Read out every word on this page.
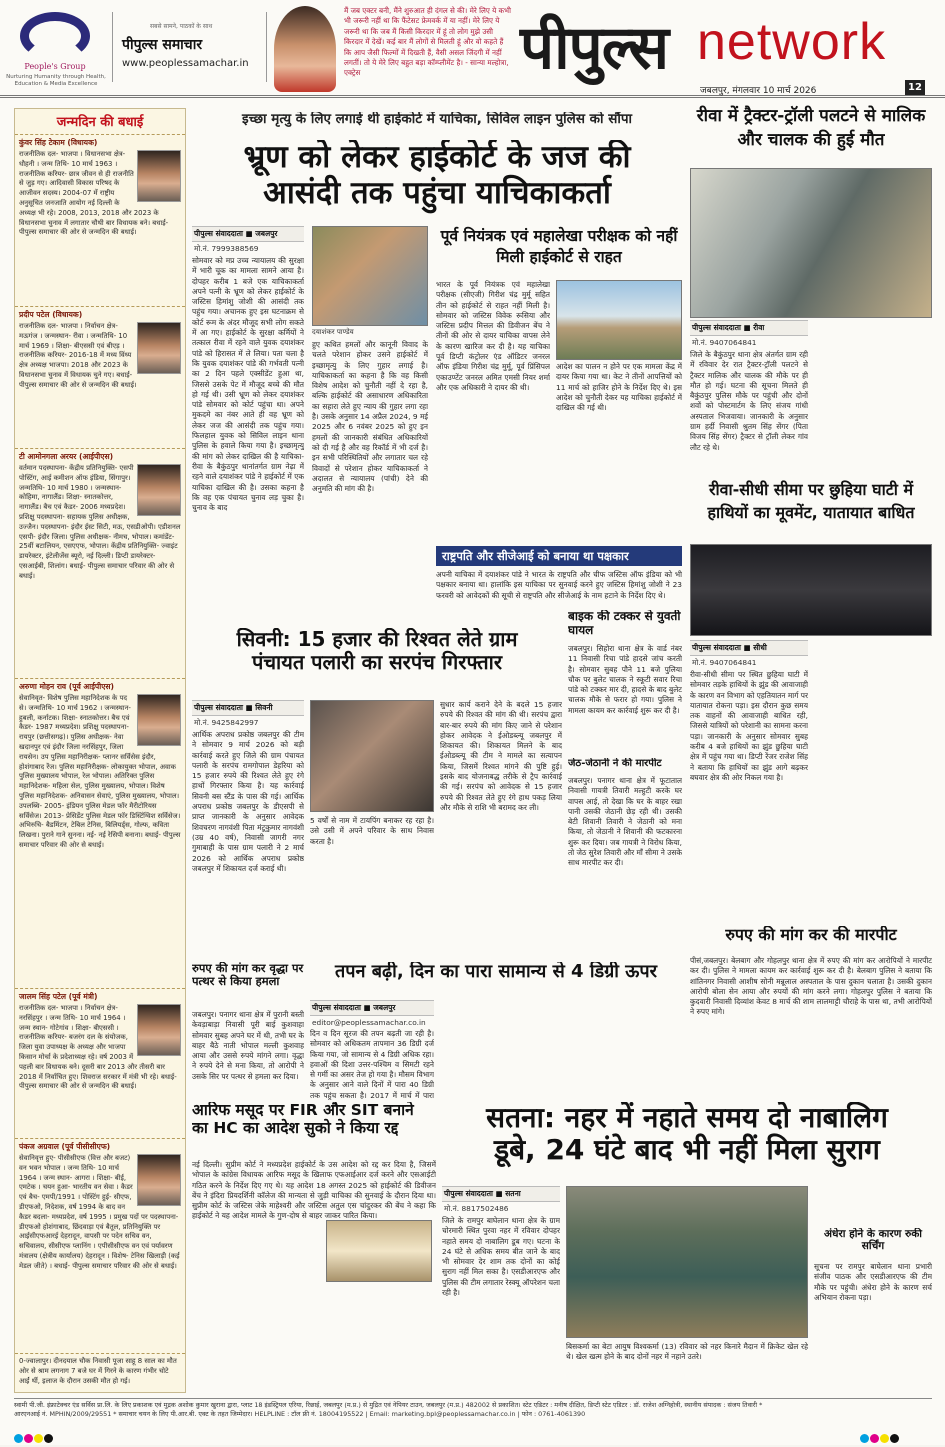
People's Group
Nurturing Humanity through Health, Education & Media Excellence
सबसे सामने, पाठकों के साथ
पीपुल्स समाचार
www.peoplessamachar.in
मैं जब एक्टर बनी, मैंने शुरुआत ही दंगल से की। मेरे लिए ये कभी भी जरूरी नहीं था कि फैंटेसट फ्रेमवर्क में या नहीं। मेरे लिए ये जरूरी था कि जब मैं किसी किरदार में हूं तो लोग मुझे उसी किरदार में देखें। कई बार मैं लोगों से मिलती हूं और वो कहते हैं कि आप जैसी फिल्मों में दिखती हैं, वैसी असल जिंदगी में नहीं लगतीं। तो ये मेरे लिए बहुत बड़ा कॉम्प्लीमेंट है। - सान्या मल्होत्रा, एक्ट्रेस	पीपुल्स network
जबलपुर, मंगलवार 10 मार्च 2026	12
जन्मदिन की बधाई
कुंवर सिंह टेकाम (विधायक)
राजनीतिक दल- भाजपा । विधानसभा क्षेत्र- धौहनी । जन्म तिथि- 10 मार्च 1963 । राजनीतिक करियर- छात्र जीवन से ही राजनीति से जुड़ गए। आदिवासी विकास परिषद के आजीवन सदस्य। 2004-07 में राष्ट्रीय अनुसूचित जनजाति आयोग नई दिल्ली के अध्यक्ष भी रहे। 2008, 2013, 2018 और 2023 के विधानसभा चुनाव में लगातार चौथी बार विधायक बने। बधाई- पीपुल्स समाचार की ओर से जन्मदिन की बधाई।
प्रदीप पटेल (विधायक)
राजनीतिक दल- भाजपा । निर्वाचन क्षेत्र- मऊगंज । जन्मस्थान- रीवा । जन्मतिथि- 10 मार्च 1969 । शिक्षा- बीएससी एवं बीएड़ । राजनीतिक करियर- 2016-18 में मध्य विंध्य क्षेत्र अध्यक्ष भाजपा। 2018 और 2023 के विधानसभा चुनाव में विधायक चुने गए। बधाई- पीपुल्स समाचार की ओर से जन्मदिन की बधाई।
टी आमोनगला अरयर (आईपीएस)
वर्तमान पदस्थापना- केंद्रीय प्रतिनियुक्ति- एसपी पोस्टिंग, आई कमीशन ऑफ इंडिया, सिंगापुर। जन्मतिथि- 10 मार्च 1980 । जन्मस्थान- कोहिमा, नागालैंड। शिक्षा- स्नातकोत्तर, नागालैंड। बैच एवं कैडर- 2006 मध्यप्रदेश। प्रशिक्षु पदस्थापना- सहायक पुलिस अधीक्षक, उज्जैन। पदस्थापना- इंदौर ईस्ट सिटी, मऊ, एसडीओपी। एडीशनल एसपी- इंदौर जिला। पुलिस अधीक्षक- नीमच, भोपाल। कमांडेंट- 25वीं बटालियन, एसएएफ, भोपाल। केंद्रीय प्रतिनियुक्ति- ज्वाइंट डायरेक्टर, इंटेलीजेंस ब्यूरो, नई दिल्ली। डिप्टी डायरेक्टर- एसआईबी, शिलांग। बधाई- पीपुल्स समाचार परिवार की ओर से बधाई।
अरुणा मोहन राव (पूर्व आईपीएस)
सेवानिवृत- विशेष पुलिस महानिदेशक के पद से। जन्मतिथि- 10 मार्च 1962 । जन्मस्थान- हुबली, कर्नाटक। शिक्षा- स्नातकोत्तर। बैच एवं कैडर- 1987 मध्यप्रदेश। प्रशिक्षु पदस्थापना- रायपुर (छत्तीसगढ़)। पुलिस अधीक्षक- नेवा खदानपुर एवं इंदौर जिला नरसिंहपुर, जिला रायसेन। उप पुलिस महानिरीक्षक- प्लानर सर्विसेस इंदौर, होशंगाबाद रेंज। पुलिस महानिरीक्षक- लोकायुक्त भोपाल, अवाक पुलिस मुख्यालय भोपाल, रेल भोपाल। अतिरिक्त पुलिस महानिदेशक- महिला सेल, पुलिस मुख्यालय, भोपाल। विशेष पुलिस महानिदेशक- अनिवासन सेवाएं, पुलिस मुख्यालय, भोपाल। उपलब्धि- 2005- इंडियन पुलिस मेडल फॉर मैरीटोरियस सर्विसेज। 2013- प्रेसिडेंट पुलिस मेडल फॉर डिस्टिंग्विश सर्विसेज। अभिरुचि- बैडमिंटन, टेबिल टेनिस, बिलियर्ड्स, गोल्फ, कविता लिखना। पुराने गाने सुनना। नई- नई रेसिपी बनाना। बधाई- पीपुल्स समाचार परिवार की ओर से बधाई।
जालम सिंह पटेल (पूर्व मंत्री)
राजनीतिक दल- भाजपा । निर्वाचन क्षेत्र- नरसिंहपुर । जन्म तिथि- 10 मार्च 1964 । जन्म स्थान- गोटेगांव । शिक्षा- बीएससी । राजनीतिक करियर- बजरंग दल के संयोजक, जिला युवा उपाध्यक्ष के अध्यक्ष और भाजपा किसान मोर्चा के प्रदेशाध्यक्ष रहे। वर्ष 2003 में पहली बार विधायक बने। दूसरी बार 2013 और तीसरी बार 2018 में निर्वाचित हुए। शिवराज सरकार में मंत्री भी रहे। बधाई- पीपुल्स समाचार की ओर से जन्मदिन की बधाई।
पंकज अग्रवाल (पूर्व पीसीसीएफ)
सेवानिवृत्त हुए- पीसीसीएफ (वित्त और बजट) वन भवन भोपाल । जन्म तिथि- 10 मार्च 1964 । जन्म स्थान- आगरा । शिक्षा- बीई, एमटेक । चयन हुआ- भारतीय वन सेवा । कैडर एवं बैच- एमपी/1991 । पोस्टिंग हुई- सीएफ, डीएफओ, निदेशक, वर्ष 1994 के बाद वन कैडर बदला- मध्यप्रदेश, वर्ष 1995 । प्रमुख पदों पर पदस्थापना- डीएफओ होशंगाबाद, छिंदवाड़ा एवं बैतूल, प्रतिनियुक्ति पर आईसीएफआरई देहरादून, वापसी पर पदेन सचिव वन, सचिवालय, सीसीएफ प्लानिंग । एपीसीसीएफ वन एवं पर्यावरण मंत्रालय (क्षेत्रीय कार्यालय) देहरादून । विशेष- टेनिस खिलाड़ी (कई मेडल जीते) । बधाई- पीपुल्स समाचार परिवार की ओर से बधाई।
0-ज्वालापुर। दीनदयाल चौक निवासी पूजा साहू 8 साल का मौत ओर से श्राम लगनाग 7 बजे घर में गिरने के कारण गंभीर चोटे आईं थीं, इलाज के दौरान उसकी मौत हो गई।
इच्छा मृत्यु के लिए लगाई थी हाईकोर्ट में याचिका, सिविल लाइन पुलिस को सौंपा
भ्रूण को लेकर हाईकोर्ट के जज की
आसंदी तक पहुंचा याचिकाकर्ता
पीपुल्स संवाददाता ■ जबलपुर
मो.नं. 7999388569
सोमवार को मप्र उच्च न्यायालय की सुरक्षा में भारी चूक का मामला सामने आया है। दोपहर करीब 1 बजे एक याचिकाकर्ता अपने पत्नी के भ्रूण को लेकर हाईकोर्ट के जस्टिस हिमांशु जोशी की आसंदी तक पहुंच गया। अचानक हुए इस घटनाक्रम से कोर्ट रूम के अंदर मौजूद सभी लोग सकते में आ गए। हाईकोर्ट के सुरक्षा कर्मियों ने तत्काल रीवा में रहने वाले युवक दयाशंकर पांडे को हिरासत में ले लिया। पता चला है कि युवक दयाशंकर पांडे की गर्भवती पत्नी का 2 दिन पहले एक्सीडेंट हुआ था, जिससे उसके पेट में मौजूद बच्चे की मौत हो गई थी। उसी भ्रूण को लेकर दयाशंकर पांडे सोमवार को कोर्ट पहुंचा था। अपने मुकदमे का नंबर आते ही वह भ्रूण को लेकर जज की आसंदी तक पहुंच गया। फिलहाल युवक को सिविल लाइन थाना पुलिस के हवाले किया गया है। इच्छामृत्यु की मांग को लेकर दाखिल की है याचिका- रीवा के बैकुंठपुर थानांतर्गत ग्राम नेढ़ा में रहने वाले दयाशंकर पांडे ने हाईकोर्ट में एक याचिका दाखिल की है। उसका कहना है कि वह एक पंचायत चुनाव लड़ चुका है। चुनाव के बाद
दयाशंकर पाण्डेय
हुए कथित हमलों और कानूनी विवाद के चलते परेशान होकर उसने हाईकोर्ट में इच्छामृत्यु के लिए गुहार लगाई है। याचिकाकर्ता का कहना है कि वह किसी विशेष आदेश को चुनौती नहीं दे रहा है, बल्कि हाईकोर्ट की असाधारण अधिकारिता का सहारा लेते हुए न्याय की गुहार लगा रहा है। उसके अनुसार 14 अप्रैल 2024, 9 मई 2025 और 6 नवंबर 2025 को हुए इन हमलों की जानकारी संबंधित अधिकारियों को दी गई है और वह रिकॉर्ड में भी दर्ज है। इन सभी परिस्थितियों और लगातार चल रहे विवादों से परेशान होकर याचिकाकर्ता ने अदालत से न्यायालय (पांची) देने की अनुमति की मांग की है।
पूर्व नियंत्रक एवं महालेखा परीक्षक को नहीं मिली हाईकोर्ट से राहत
भारत के पूर्व नियंत्रक एवं महालेखा परीक्षक (सीएजी) गिरीश चंद्र मुर्मू सहित तीन को हाईकोर्ट से राहत नहीं मिली है। सोमवार को जस्टिस विवेक रूसिया और जस्टिस प्रदीप मित्तल की डिवीजन बेंच ने तीनों की ओर से दायर याचिका वापस लेने के कारण खारिज कर दी है। यह याचिका पूर्व डिप्टी कंट्रोलर एंड ऑडिटर जनरल ऑफ इंडिया गिरीश चंद्र मुर्मू, पूर्व प्रिंसिपल एकाउण्टेंट जनरल अमित एमसी नियर शर्मा और एक अधिकारी ने दायर की थी।
आदेश का पालन न होने पर एक मामला केंद्र में दायर किया गया था। केट ने तीनों आपत्तियों को 11 मार्च को हाजिर होने के निर्देश दिए थे। इस आदेश को चुनौती देकर यह याचिका हाईकोर्ट में दाखिल की गई थी।
राष्ट्रपति और सीजेआई को बनाया था पक्षकार
अपनी याचिका में दयाशंकर पांडे ने भारत के राष्ट्रपति और चीफ जस्टिस ऑफ इंडिया को भी पक्षकार बनाया था। हालांकि इस याचिका पर सुनवाई करने हुए जस्टिस हिमांशु जोशी ने 23 फरवरी को आवेदकों की सूची से राष्ट्रपति और सीजेआई के नाम हटाने के निर्देश दिए थे।
सिवनी: 15 हजार की रिश्वत लेते ग्राम
पंचायत पलारी का सरपंच गिरफ्तार
पीपुल्स संवाददाता ■ सिवनी
मो.नं. 9425842997
आर्थिक अपराध प्रकोष्ठ जबलपुर की टीम ने सोमवार 9 मार्च 2026 को बड़ी कार्रवाई करते हुए जिले की ग्राम पंचायत पलारी के सरपंच रामगोपाल डेहरिया को 15 हजार रुपये की रिश्वत लेते हुए रंगे हाथों गिरफ्तार किया है। यह कार्रवाई सिवनी बस स्टैंड के पास की गई। आर्थिक अपराध प्रकोष्ठ जबलपुर के डीएसपी से प्राप्त जानकारी के अनुसार आवेदक शिवचरण नागवंशी पिता मंटूकुमार नागवंशी (उम्र 40 वर्ष), निवासी जागरी नगर गुमाबाही के पास ग्राम पलारी ने 2 मार्च 2026 को आर्थिक अपराध प्रकोष्ठ जबलपुर में शिकायत दर्ज कराई थी।
5 वर्षों से नाम में टायपिंग बनाकर रह रहा है। उसे उसी में अपने परिवार के साथ निवास करता है।
सुधार कार्य कराने देने के बदले 15 हजार रुपये की रिश्वत की मांग की थी। सरपंच द्वारा बार-बार रुपये की मांग किए जाने से परेशान होकर आवेदक ने ईओडब्ल्यू जबलपुर में शिकायत की। शिकायत मिलने के बाद ईओडब्ल्यू की टीम ने मामले का सत्यापन किया, जिसमें रिश्वत मांगने की पुष्टि हुई। इसके बाद योजनाबद्ध तरीके से ट्रैप कार्रवाई की गई। सरपंच को आवेदक से 15 हजार रुपये की रिश्वत लेते हुए रंगे हाथ पकड़ लिया और मौके से राशि भी बरामद कर ली।
बाइक की टक्कर से युवती घायल
जबलपुर। सिहोरा थाना क्षेत्र के वार्ड नंबर 11 निवासी रिचा पांडे हादसे जांच करती है। सोमवार सुबह पौने 11 बजे पुलिया चौक पर बुलेट चालक ने स्कूटी सवार रिचा पांडे को टक्कर मार दी, हादसे के बाद बुलेट चालक मौके से फरार हो गया। पुलिस ने मामला कायम कर कार्रवाई शुरू कर दी है।
जेठ-जेठानी ने की मारपीट
जबलपुर। पनागर थाना क्षेत्र में फूटाताल निवासी गायत्री तिवारी मल्हुटी करके घर वापस आई, तो देखा कि घर के बाहर रखा पानी उसकी जेठानी छेड़ रही थी। उसकी बेटी शिवानी तिवारी ने जेठानी को मना किया, तो जेठानी ने शिवानी की फटकारना शुरू कर दिया। जब गायत्री ने विरोध किया, तो जेठ सुरेश तिवारी और माँ सीमा ने उसके साथ मारपीट कर दी।
रुपए की मांग कर वृद्धा पर पत्थर से किया हमला
जबलपुर। पनागर थाना क्षेत्र में पुरानी बस्ती केवड़ाबाड़ा निवासी पूरी बाई कुशवाहा सोमवार सुबह अपने घर में थी, तभी घर के बाहर बैठे नाती भोपाल मल्ली कुशवाह आया और उससे रुपये मांगने लगा। वृद्धा ने रुपये देने से मना किया, तो आरोपी ने उसके सिर पर पत्थर से हमला कर दिया।
तपन बढ़ी, दिन का पारा सामान्य से 4 डिग्री ऊपर
पीपुल्स संवाददाता ■ जबलपुर
editor@peoplessamachar.co.in
दिन व दिन सूरज की तपन बढ़ती जा रही है। सोमवार को अधिकतम तापमान 36 डिग्री दर्ज किया गया, जो सामान्य से 4 डिग्री अधिक रहा। हवाओं की दिशा उत्तर-पश्चिम व सिमटी रहने से गर्मी का असर तेज हो गया है। मौसम विभाग के अनुसार आने वाले दिनों में पारा 40 डिग्री तक पहुंच सकता है। 2017 में मार्च में पारा
आरिफ मसूद पर FIR और SIT बनाने
का HC का आदेश सुको ने किया रद्द
नई दिल्ली। सुप्रीम कोर्ट ने मध्यप्रदेश हाईकोर्ट के उस आदेश को रद्द कर दिया है, जिसमें भोपाल के कांग्रेस विधायक आरिफ मसूद के खिलाफ एफआईआर दर्ज करने और एसआईटी गठित करने के निर्देश दिए गए थे। यह आदेश 18 अगस्त 2025 को हाईकोर्ट की डिवीजन बेंच ने इंदिरा प्रियदर्शिनी कॉलेज की मान्यता से जुड़ी याचिका की सुनवाई के दौरान दिया था। सुप्रीम कोर्ट के जस्टिस जेके माहेश्वरी और जस्टिस अतुल एस चांदुरकर की बेंच ने कहा कि हाईकोर्ट ने यह आदेश मामले के गुण-दोष से बाहर जाकर पारित किया।
सतना: नहर में नहाते समय दो नाबालिग
डूबे, 24 घंटे बाद भी नहीं मिला सुराग
पीपुल्स संवाददाता ■ सतना
मो.नं. 8817502486
जिले के रामपुर बाघेलान थाना क्षेत्र के ग्राम चोरमारी स्थित पुरवा नहर में रविवार दोपहर नहाते समय दो नाबालिग डूब गए। घटना के 24 घंटे से अधिक समय बीत जाने के बाद भी सोमवार देर शाम तक दोनों का कोई सुराग नहीं मिल सका है। एसडीआरएफ और पुलिस की टीम लगातार रेस्क्यू ऑपरेशन चला रही है।
बिसकर्मा का बेटा आयुष विश्वकर्मा (13) रविवार को नहर किनारे मैदान में क्रिकेट खेल रहे थे। खेल खत्म होने के बाद दोनों नहर में नहाने उतरे।
अंधेरा होने के कारण रुकी सर्चिंग
सूचना पर रामपुर बाघेलान थाना प्रभारी संजीव पाठक और एसडीआरएफ की टीम मौके पर पहुंची। अंधेरा होने के कारण सर्च अभियान रोकना पड़ा।
रीवा में ट्रैक्टर-ट्रॉली पलटने से मालिक और चालक की हुई मौत
पीपुल्स संवाददाता ■ रीवा
मो.नं. 9407064841
जिले के बैकुंठपुर थाना क्षेत्र अंतर्गत ग्राम रही में रविवार देर रात ट्रैक्टर-ट्रॉली पलटने से ट्रैक्टर मालिक और चालक की मौके पर ही मौत हो गई। घटना की सूचना मिलते ही बैकुंठपुर पुलिस मौके पर पहुंची और दोनों शवों को पोस्टमार्टम के लिए संजय गांधी अस्पताल भिजवाया। जानकारी के अनुसार ग्राम हर्दी निवासी श्रुतम सिंह सेंगर (पिता विजय सिंह सेंगर) ट्रैक्टर से ट्रॉली लेकर गांव लौट रहे थे।
रीवा-सीधी सीमा पर छुहिया घाटी में हाथियों का मूवमेंट, यातायात बाधित
पीपुल्स संवाददाता ■ सीधी
मो.नं. 9407064841
रीवा-सीधी सीमा पर स्थित छुहिया घाटी में सोमवार तड़के हाथियों के झुंड की आवाजाही के कारण वन विभाग को एहतियातन मार्ग पर यातायात रोकना पड़ा। इस दौरान कुछ समय तक वाहनों की आवाजाही बाधित रही, जिससे यात्रियों को परेशानी का सामना करना पड़ा। जानकारी के अनुसार सोमवार सुबह करीब 4 बजे हाथियों का झुंड छुहिया घाटी क्षेत्र में पहुंच गया था। डिप्टी रेंजर राजेश सिंह ने बताया कि हाथियों का झुंड आगे बढ़कर बघवार क्षेत्र की ओर निकल गया है।
रुपए की मांग कर की मारपीट
पीसं,जबलपुर। बेलबाग और गोहलपुर थाना क्षेत्र में रुपए की मांग कर आरोपियों ने मारपीट कर दी। पुलिस ने मामला कायम कर कार्रवाई शुरू कर दी है। बेलबाग पुलिस ने बताया कि शांतिनगर निवासी आशीष सोनी मन्नूलाल अस्पताल के पास दुकान चलाता है। उसकी दुकान आरोपी बोला सेन आया और रुपयों की मांग करने लगा। गोहलपुर पुलिस ने बताया कि कुदवारी निवासी दिव्यांश केवट 8 मार्च की शाम लालमाट्टी चौराहे के पास था, तभी आरोपियों ने रुपए मांगे।
स्वामी पी.जी. इंफ्राटेक्चर एंड सर्विस प्रा.लि. के लिए प्रकाशक एवं मुद्रक अशोक कुमार खुराना द्वारा, प्लाट 18 इंडस्ट्रियल एरिया, रिछाई, जबलपुर (म.प्र.) से मुद्रित एवं नेपियर टाउन, जबलपुर (म.प्र.) 482002 से प्रकाशित। स्टेट एडिटर : मनीष दीक्षित, डिप्टी स्टेट एडिटर : डॉ. राजेश अग्निहोत्री, स्थानीय संपादक : संजय तिवारी *
आरएनआई नं. MPHIN/2009/29551 * समाचार चयन के लिए पी.आर.बी. एक्ट के तहत जिम्मेदार। HELPLINE : टॉल फ्री नं. 18004195522 | Email: marketing.bpl@peoplessamachar.co.in | फोन : 0761-4061390
